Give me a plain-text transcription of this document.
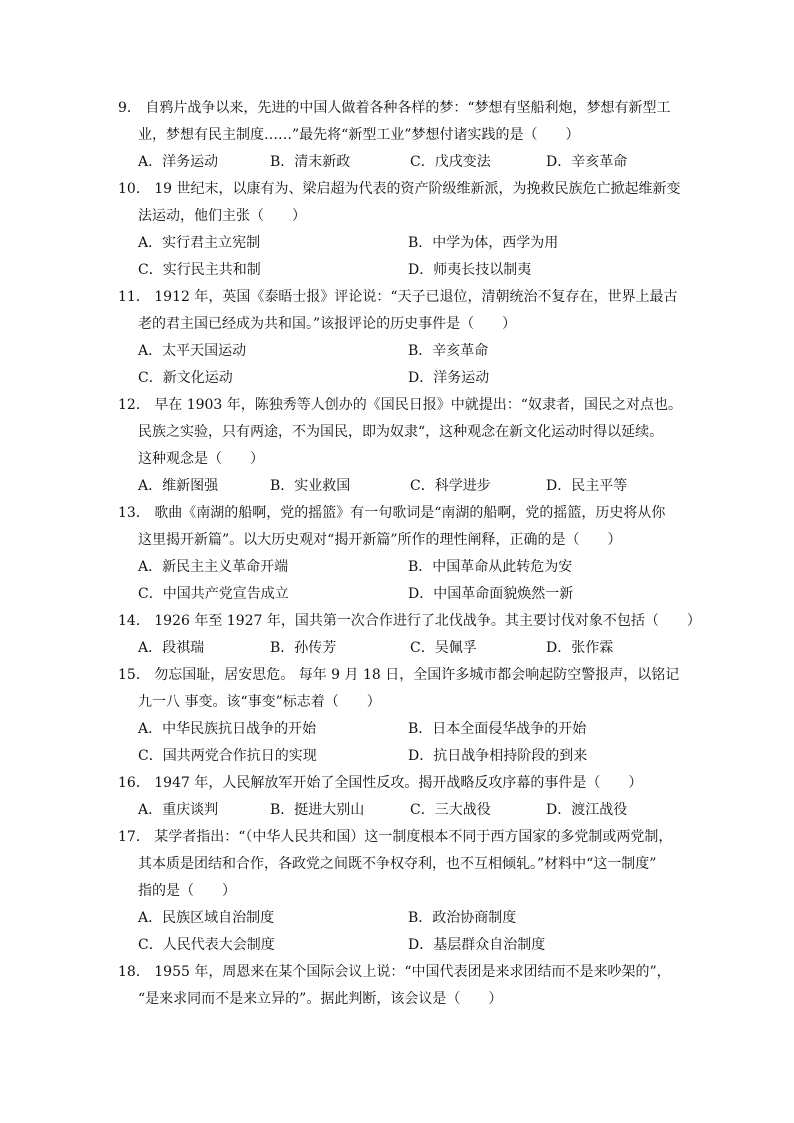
9． 自鸦片战争以来，先进的中国人做着各种各样的梦：“梦想有坚船利炮，梦想有新型工
业，梦想有民主制度……”最先将“新型工业”梦想付诸实践的是（　　）
A．洋务运动	B．清末新政	C．戊戌变法	D．辛亥革命
10． 19 世纪末，以康有为、梁启超为代表的资产阶级维新派，为挽救民族危亡掀起维新变
法运动，他们主张（　　）
A．实行君主立宪制	B．中学为体，西学为用
C．实行民主共和制	D．师夷长技以制夷
11． 1912 年，英国《泰晤士报》评论说：“天子已退位，清朝统治不复存在，世界上最古
老的君主国已经成为共和国。”该报评论的历史事件是（　　）
A．太平天国运动	B．辛亥革命
C．新文化运动	D．洋务运动
12． 早在 1903 年，陈独秀等人创办的《国民日报》中就提出：“奴隶者，国民之对点也。
民族之实验，只有两途，不为国民，即为奴隶“，这种观念在新文化运动时得以延续。
这种观念是（　　）
A．维新图强	B．实业救国	C．科学进步	D．民主平等
13． 歌曲《南湖的船啊，党的摇篮》有一句歌词是“南湖的船啊，党的摇篮，历史将从你
这里揭开新篇”。以大历史观对“揭开新篇”所作的理性阐释，正确的是（　　）
A．新民主主义革命开端	B．中国革命从此转危为安
C．中国共产党宣告成立	D．中国革命面貌焕然一新
14． 1926 年至 1927 年，国共第一次合作进行了北伐战争。其主要讨伐对象不包括（　　）
A．段祺瑞	B．孙传芳	C．吴佩孚	D．张作霖
15． 勿忘国耻，居安思危。 每年 9 月 18 日，全国许多城市都会响起防空警报声，以铭记
九一八 事变。该“事变”标志着（　　）
A．中华民族抗日战争的开始	B．日本全面侵华战争的开始
C．国共两党合作抗日的实现	D．抗日战争相持阶段的到来
16． 1947 年，人民解放军开始了全国性反攻。揭开战略反攻序幕的事件是（　　）
A．重庆谈判	B．挺进大别山	C．三大战役	D．渡江战役
17． 某学者指出：“（中华人民共和国）这一制度根本不同于西方国家的多党制或两党制，
其本质是团结和合作，各政党之间既不争权夺利，也不互相倾轧。”材料中“这一制度”
指的是（　　）
A．民族区域自治制度	B．政治协商制度
C．人民代表大会制度	D．基层群众自治制度
18． 1955 年，周恩来在某个国际会议上说：“中国代表团是来求团结而不是来吵架的”，
“是来求同而不是来立异的”。据此判断，该会议是（　　）
